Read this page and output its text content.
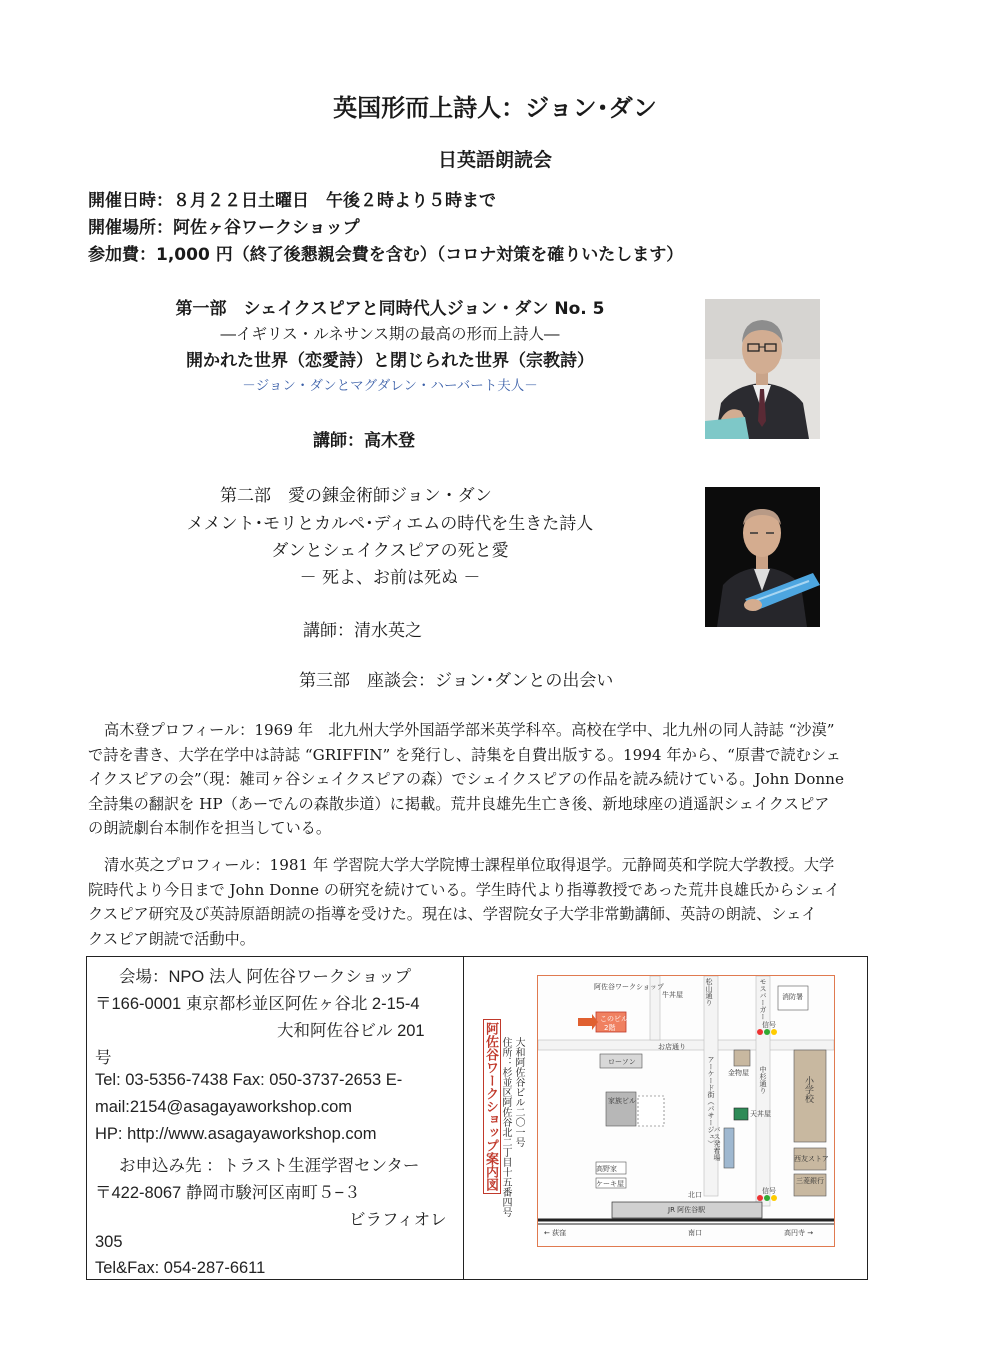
英国形而上詩人：ジョン･ダン
日英語朗読会
開催日時：８月２２日土曜日　午後２時より５時まで
開催場所：阿佐ヶ谷ワークショップ
参加費：1,000 円（終了後懇親会費を含む）（コロナ対策を確りいたします）
第一部　シェイクスピアと同時代人ジョン・ダン No. 5
―イギリス・ルネサンス期の最高の形而上詩人―
開かれた世界（恋愛詩）と閉じられた世界（宗教詩）
－ジョン・ダンとマグダレン・ハーバート夫人－
講師：高木登
第二部　愛の錬金術師ジョン・ダン
メメント･モリとカルペ･ディエムの時代を生きた詩人
ダンとシェイクスピアの死と愛
－ 死よ、お前は死ぬ －
講師：清水英之
第三部　座談会：ジョン･ダンとの出会い
高木登プロフィール：1969 年　北九州大学外国語学部米英学科卒。高校在学中、北九州の同人詩誌 “沙漠”
で詩を書き、大学在学中は詩誌 “GRIFFIN” を発行し、詩集を自費出版する。1994 年から、“原書で読むシェ
イクスピアの会”（現：雑司ヶ谷シェイクスピアの森）でシェイクスピアの作品を読み続けている。John Donne
全詩集の翻訳を HP（あーでんの森散歩道）に掲載。荒井良雄先生亡き後、新地球座の逍遥訳シェイクスピア
の朗読劇台本制作を担当している。
清水英之プロフィール：1981 年 学習院大学大学院博士課程単位取得退学。元静岡英和学院大学教授。大学
院時代より今日まで John Donne の研究を続けている。学生時代より指導教授であった荒井良雄氏からシェイ
クスピア研究及び英詩原語朗読の指導を受けた。現在は、学習院女子大学非常勤講師、英詩の朗読、シェイ
クスピア朗読で活動中。
会場：NPO 法人 阿佐谷ワークショップ
〒166-0001 東京都杉並区阿佐ヶ谷北 2-15-4
大和阿佐谷ビル 201
号
Tel: 03-5356-7438 Fax: 050-3737-2653 E-
mail:2154@asagayaworkshop.com
HP: http://www.asagayaworkshop.com
お申込み先 ：トラスト生涯学習センター
〒422-8067 静岡市駿河区南町５−３
ビラフィオレ
305
Tel&Fax: 054-287-6611
阿佐谷ワークショップ案内図 住所：杉並区阿佐谷北二丁目十五番四号 大和阿佐谷ビル二〇一号
阿佐谷ワークショップ
このビル
2階
牛丼屋	松山通り	モスバーガー 消防署
お店通り
ローソン	アーケード街（パサージュ） 金物屋
天丼屋
中杉通り	小学校
バス発着場	西友ストア
三菱銀行
信号
信号
家族ビル
JR 阿佐谷駅
北口
南口
← 荻窪	高円寺 →
高野家
ケーキ屋
